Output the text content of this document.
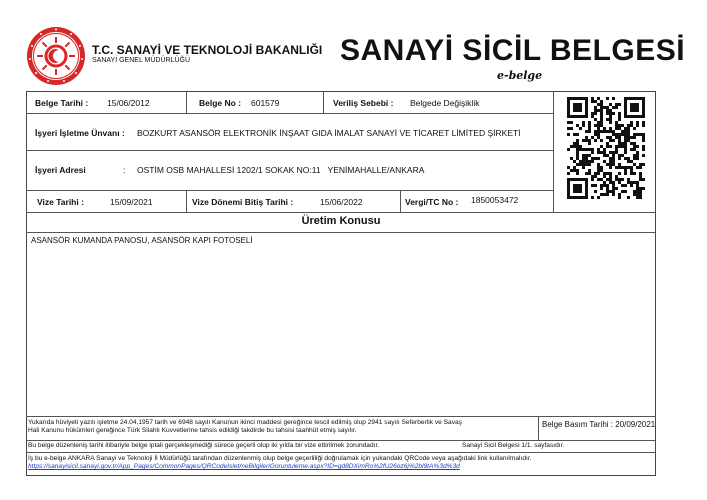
T.C. SANAYİ VE TEKNOLOJİ BAKANLIĞI
SANAYİ GENEL MÜDÜRLÜĞÜ	SANAYİ SİCİL BELGESİ
e-belge
Belge Tarihi : 15/06/2012	Belge No : 601579	Veriliş Sebebi : Belgede Değişiklik
İşyeri İşletme Ünvanı : BOZKURT ASANSÖR ELEKTRONİK İNŞAAT GIDA İMALAT SANAYİ VE TİCARET LİMİTED ŞİRKETİ
İşyeri Adresi	: OSTİM OSB MAHALLESİ 1202/1 SOKAK NO:11   YENİMAHALLE/ANKARA
Vize Tarihi :	15/09/2021	Vize Dönemi Bitiş Tarihi :	15/06/2022	Vergi/TC No : 1850053472
Üretim Konusu
ASANSÖR KUMANDA PANOSU, ASANSÖR KAPI FOTOSELİ
Yukarıda hüviyeti yazılı işletme 24.04.1957 tarih ve 6948 sayılı Kanunun ikinci maddesi gereğince tescil edilmiş olup 2941 sayılı Seferberlik ve Savaş
Hali Kanunu hükümleri gereğince Türk Silahlı Kuvvetlerine tahsis edildiği takdirde bu tahsisi taahhüt etmiş sayılır.
Belge Basım Tarihi : 20/09/2021
Bu belge düzenleniş tarihi itibariyle belge iptali gerçekleşmediği sürece geçerli olup iki yılda bir vize ettirilmek zorundadır.	Sanayi Sicil Belgesi 1/1. sayfasıdır.
İş bu e-belge ANKARA Sanayi ve Teknoloji İl Müdürlüğü tarafından düzenlenmiş olup belge geçerliliği doğrulamak için yukarıdaki QRCode veya aşağıdaki link kullanılmalıdır.
https://sanayisicil.sanayi.gov.tr/App_Pages/CommonPages/QRCodeIsletmeBilgileriGoruntuleme.aspx?ID=gd8DXimRo%2fU26oz6j%2bl9tA%3d%3d
